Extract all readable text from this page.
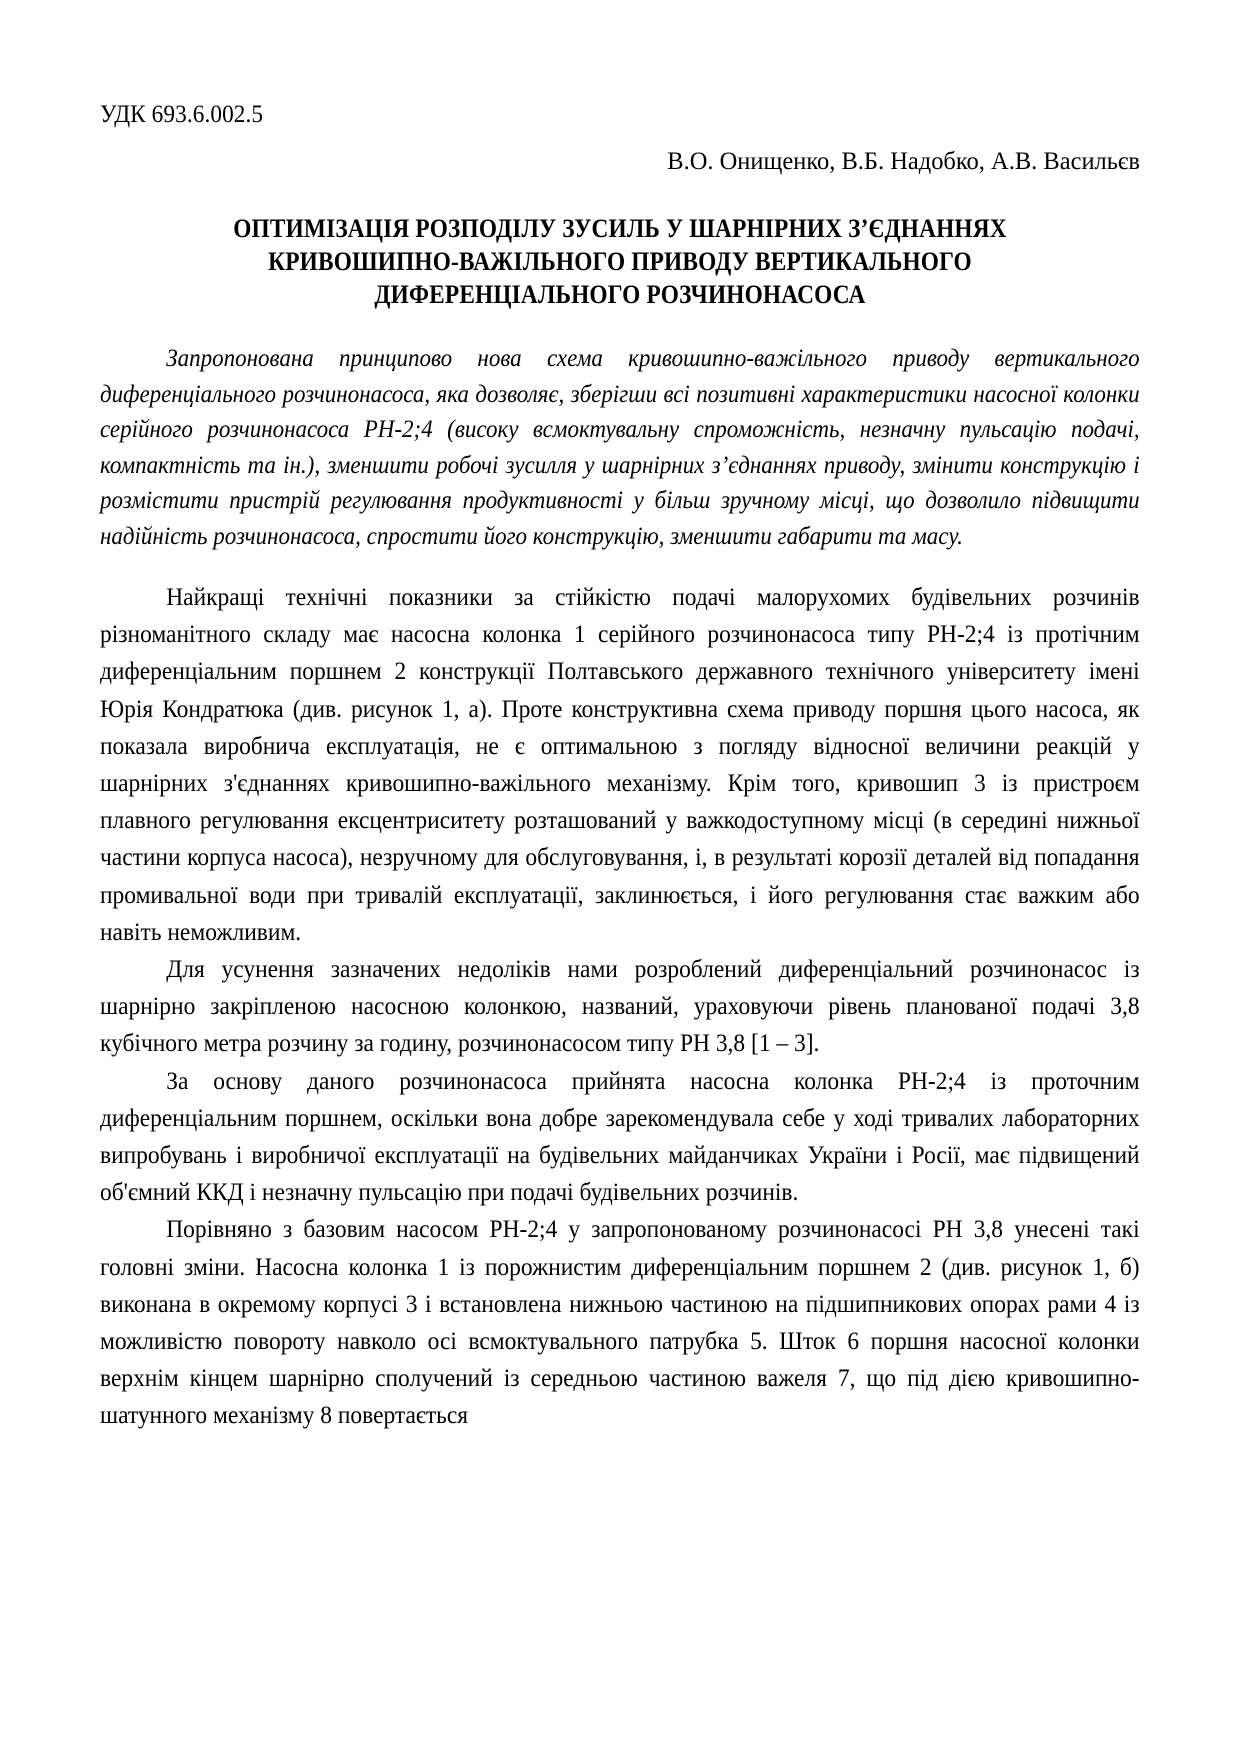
УДК 693.6.002.5
В.О. Онищенко, В.Б. Надобко, А.В. Васильєв
ОПТИМІЗАЦІЯ РОЗПОДІЛУ ЗУСИЛЬ У ШАРНІРНИХ З’ЄДНАННЯХ
КРИВОШИПНО-ВАЖІЛЬНОГО ПРИВОДУ ВЕРТИКАЛЬНОГО
ДИФЕРЕНЦІАЛЬНОГО РОЗЧИНОНАСОСА
Запропонована принципово нова схема кривошипно-важільного приводу вертикального диференціального розчинонасоса, яка дозволяє, зберігши всі позитивні характеристики насосної колонки серійного розчинонасоса РН-2;4 (високу всмоктувальну спроможність, незначну пульсацію подачі, компактність та ін.), зменшити робочі зусилля у шарнірних з’єднаннях приводу, змінити конструкцію і розмістити пристрій регулювання продуктивності у більш зручному місці, що дозволило підвищити надійність розчинонасоса, спростити його конструкцію, зменшити габарити та масу.

Найкращі технічні показники за стійкістю подачі малорухомих будівельних розчинів різноманітного складу має насосна колонка 1 серійного розчинонасоса типу РН-2;4 із протічним диференціальним поршнем 2 конструкції Полтавського державного технічного університету імені Юрія Кондратюка (див. рисунок 1, а). Проте конструктивна схема приводу поршня цього насоса, як показала виробнича експлуатація, не є оптимальною з погляду відносної величини реакцій у шарнірних з'єднаннях кривошипно-важільного механізму. Крім того, кривошип 3 із пристроєм плавного регулювання ексцентриситету розташований у важкодоступному місці (в середині нижньої частини корпуса насоса), незручному для обслуговування, і, в результаті корозії деталей від попадання промивальної води при тривалій експлуатації, заклинюється, і його регулювання стає важким або навіть неможливим.

Для усунення зазначених недоліків нами розроблений диференціальний розчинонасос із шарнірно закріпленою насосною колонкою, названий, ураховуючи рівень планованої подачі 3,8 кубічного метра розчину за годину, розчинонасосом типу РН 3,8 [1 – 3].

За основу даного розчинонасоса прийнята насосна колонка РН-2;4 із проточним диференціальним поршнем, оскільки вона добре зарекомендувала себе у ході тривалих лабораторних випробувань і виробничої експлуатації на будівельних майданчиках України і Росії, має підвищений об'ємний ККД і незначну пульсацію при подачі будівельних розчинів.

Порівняно з базовим насосом РН-2;4 у запропонованому розчинонасосі РН 3,8 унесені такі головні зміни. Насосна колонка 1 із порожнистим диференціальним поршнем 2 (див. рисунок 1, б) виконана в окремому корпусі 3 і встановлена нижньою частиною на підшипникових опорах рами 4 із можливістю повороту навколо осі всмоктувального патрубка 5. Шток 6 поршня насосної колонки верхнім кінцем шарнірно сполучений із середньою частиною важеля 7, що під дією кривошипно-шатунного механізму 8 повертається
